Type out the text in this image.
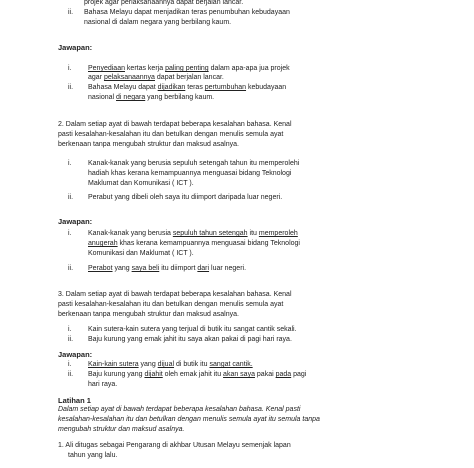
projek agar perlaksanaannya dapat berjalan lancar.
ii. Bahasa Melayu dapat menjadikan teras penumbuhan kebudayaan
nasional di dalam negara yang berbilang kaum.
Jawapan:
i. Penyediaan kertas kerja paling penting dalam apa-apa jua projek
agar pelaksanaannya dapat berjalan lancar.
ii. Bahasa Melayu dapat dijadikan teras pertumbuhan kebudayaan
nasional di negara yang berbilang kaum.
2. Dalam setiap ayat di bawah terdapat beberapa kesalahan bahasa. Kenal
pasti kesalahan-kesalahan itu dan betulkan dengan menulis semula ayat
berkenaan tanpa mengubah struktur dan maksud asalnya.
i. Kanak-kanak yang berusia sepuluh setengah tahun itu memperolehi
hadiah khas kerana kemampuannya menguasai bidang Teknologi
Maklumat dan Komunikasi ( ICT ).
ii. Perabut yang dibeli oleh saya itu diimport daripada luar negeri.
Jawapan:
i. Kanak-kanak yang berusia sepuluh tahun setengah itu memperoleh
anugerah khas kerana kemampuannya menguasai bidang Teknologi
Komunikasi dan Maklumat ( ICT ).
ii. Perabot yang saya beli itu diimport dari luar negeri.
3. Dalam setiap ayat di bawah terdapat beberapa kesalahan bahasa. Kenal
pasti kesalahan-kesalahan itu dan betulkan dengan menulis semula ayat
berkenaan tanpa mengubah struktur dan maksud asalnya.
i. Kain sutera-kain sutera yang terjual di butik itu sangat cantik sekali.
ii. Baju kurung yang emak jahit itu saya akan pakai di pagi hari raya.
Jawapan:
i. Kain-kain sutera yang dijual di butik itu sangat cantik.
ii. Baju kurung yang dijahit oleh emak jahit itu akan saya pakai pada pagi
hari raya.
Latihan 1
Dalam setiap ayat di bawah terdapat beberapa kesalahan bahasa. Kenal pasti
kesalahan-kesalahan itu dan betulkan dengan menulis semula ayat itu semula tanpa
mengubah struktur dan maksud asalnya.
1. Ali ditugas sebagai Pengarang di akhbar Utusan Melayu semenjak lapan
tahun yang lalu.
